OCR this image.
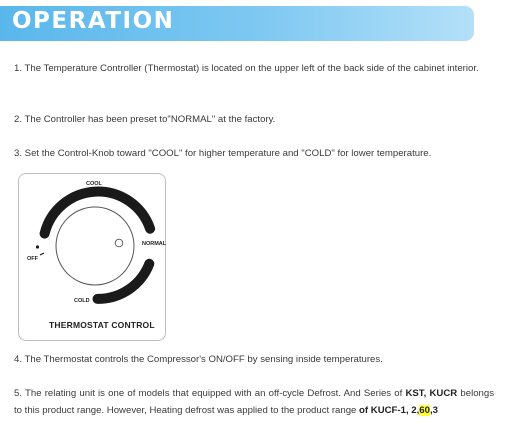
OPERATION

1. The Temperature Controller (Thermostat) is located on the upper left of the back side of the cabinet interior.

2. The Controller has been preset to"NORMAL" at the factory.

3. Set the Control-Knob toward "COOL" for higher temperature and "COLD" for lower temperature.

COOL
NORMAL
OFF
COLD
THERMOSTAT CONTROL

4. The Thermostat controls the Compressor's ON/OFF by sensing inside temperatures.

5. The relating unit is one of models that equipped with an off-cycle Defrost. And Series of KST, KUCR belongs to this product range. However, Heating defrost was applied to the product range of KUCF-1, 2,60,3
